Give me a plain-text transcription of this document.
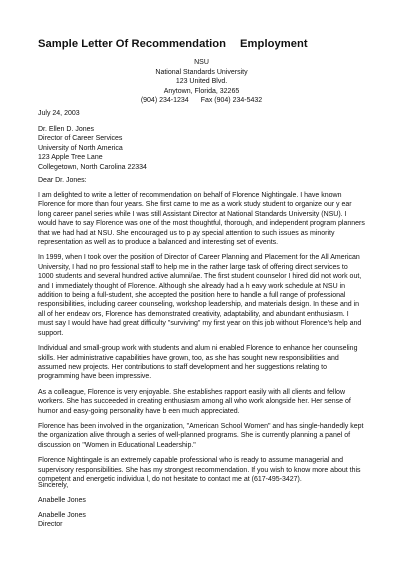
Sample Letter Of Recommendation Employment
NSU
National Standards University
123 United Blvd.
Anytown, Florida, 32265
(904) 234-1234 Fax (904) 234-5432
July 24, 2003
Dr. Ellen D. Jones
Director of Career Services
University of North America
123 Apple Tree Lane
Collegetown, North Carolina 22334
Dear Dr. Jones:

I am delighted to write a letter of recommendation on behalf of Florence Nightingale. I have known Florence for more than four years. She first came to me as a work study student to organize our y ear long career panel series while I was still Assistant Director at National Standards University (NSU). I would have to say Florence was one of the most thoughtful, thorough, and independent program planners that we had had at NSU. She encouraged us to p ay special attention to such issues as minority representation as well as to produce a balanced and interesting set of events.

In 1999, when I took over the position of Director of Career Planning and Placement for the All American University, I had no pro fessional staff to help me in the rather large task of offering direct services to 1000 students and several hundred active alumni/ae. The first student counselor I hired did not work out, and I immediately thought of Florence. Although she already had a h eavy work schedule at NSU in addition to being a full-student, she accepted the position here to handle a full range of professional responsibilities, including career counseling, workshop leadership, and materials design. In these and in all of her endeav ors, Florence has demonstrated creativity, adaptability, and abundant enthusiasm. I must say I would have had great difficulty "surviving" my first year on this job without Florence's help and support.

Individual and small-group work with students and alum ni enabled Florence to enhance her counseling skills. Her administrative capabilities have grown, too, as she has sought new responsibilities and assumed new projects. Her contributions to staff development and her suggestions relating to programming have been impressive.

As a colleague, Florence is very enjoyable. She establishes rapport easily with all clients and fellow workers. She has succeeded in creating enthusiasm among all who work alongside her. Her sense of humor and easy-going personality have b een much appreciated.

Florence has been involved in the organization, "American School Women" and has single-handedly kept the organization alive through a series of well-planned programs. She is currently planning a panel of discussion on "Women in Educational Leadership."

Florence Nightingale is an extremely capable professional who is ready to assume managerial and supervisory responsibilities. She has my strongest recommendation. If you wish to know more about this competent and energetic individua l, do not hesitate to contact me at (617-495-3427).

Sincerely,
Anabelle Jones
Anabelle Jones
Director
